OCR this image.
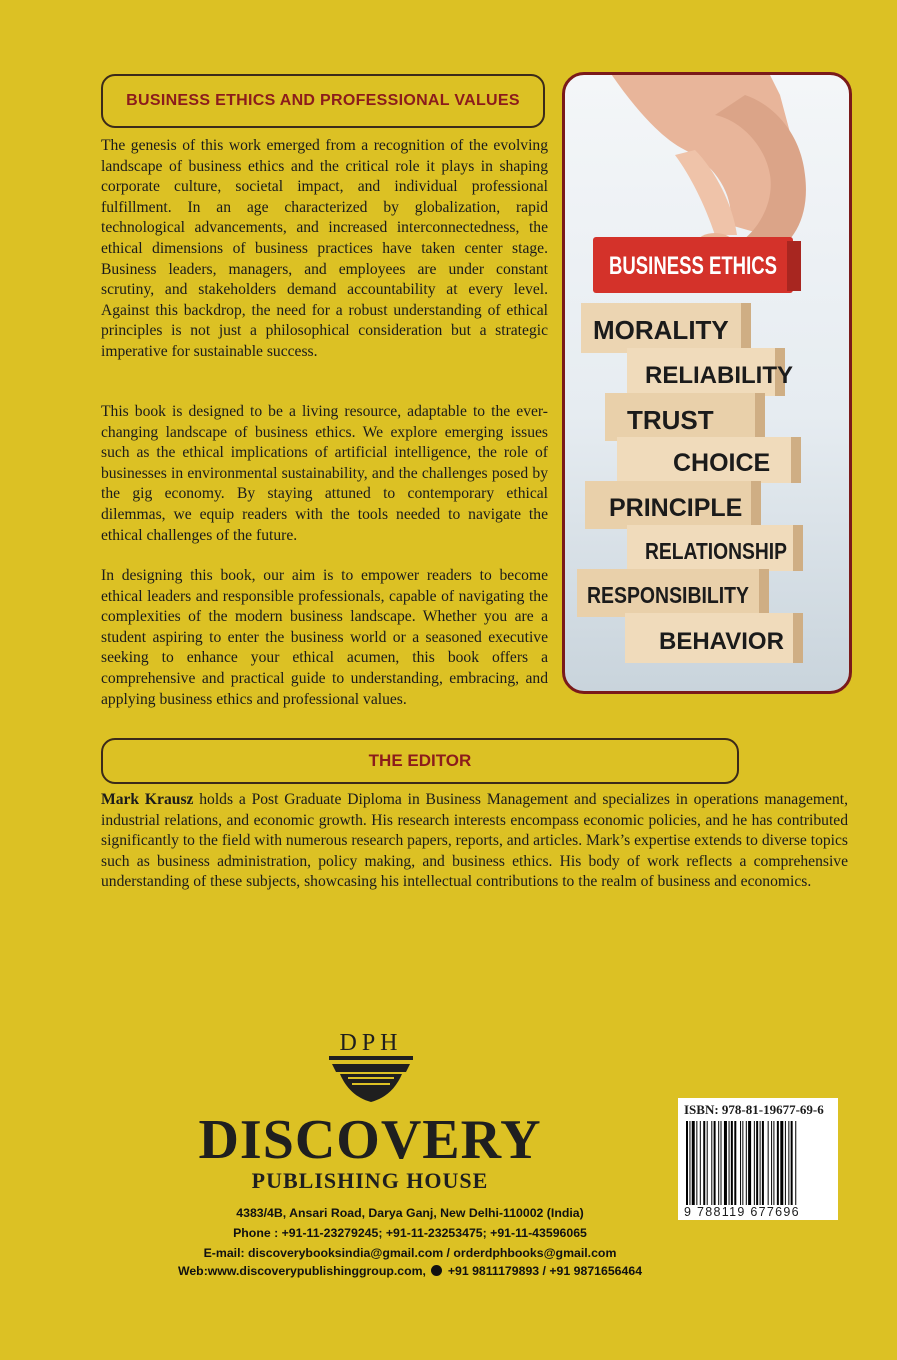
BUSINESS ETHICS AND PROFESSIONAL VALUES

The genesis of this work emerged from a recognition of the evolving landscape of business ethics and the critical role it plays in shaping corporate culture, societal impact, and individual professional fulfillment. In an age characterized by globalization, rapid technological advancements, and increased interconnectedness, the ethical dimensions of business practices have taken center stage. Business leaders, managers, and employees are under constant scrutiny, and stakeholders demand accountability at every level. Against this backdrop, the need for a robust understanding of ethical principles is not just a philosophical consideration but a strategic imperative for sustainable success.

This book is designed to be a living resource, adaptable to the ever-changing landscape of business ethics. We explore emerging issues such as the ethical implications of artificial intelligence, the role of businesses in environmental sustainability, and the challenges posed by the gig economy. By staying attuned to contemporary ethical dilemmas, we equip readers with the tools needed to navigate the ethical challenges of the future.

In designing this book, our aim is to empower readers to become ethical leaders and responsible professionals, capable of navigating the complexities of the modern business landscape. Whether you are a student aspiring to enter the business world or a seasoned executive seeking to enhance your ethical acumen, this book offers a comprehensive and practical guide to understanding, embracing, and applying business ethics and professional values.

BUSINESS ETHICS
MORALITY
RELIABILITY
TRUST
CHOICE
PRINCIPLE
RELATIONSHIP
RESPONSIBILITY
BEHAVIOR
THE EDITOR

Mark Krausz holds a Post Graduate Diploma in Business Management and specializes in operations management, industrial relations, and economic growth. His research interests encompass economic policies, and he has contributed significantly to the field with numerous research papers, reports, and articles. Mark’s expertise extends to diverse topics such as business administration, policy making, and business ethics. His body of work reflects a comprehensive understanding of these subjects, showcasing his intellectual contributions to the realm of business and economics.

DPH
DISCOVERY
PUBLISHING HOUSE
4383/4B, Ansari Road, Darya Ganj, New Delhi-110002 (India)
Phone : +91-11-23279245; +91-11-23253475; +91-11-43596065
E-mail: discoverybooksindia@gmail.com / orderdphbooks@gmail.com
Web:www.discoverypublishinggroup.com, +91 9811179893 / +91 9871656464
ISBN: 978-81-19677-69-6
9 788119 677696
